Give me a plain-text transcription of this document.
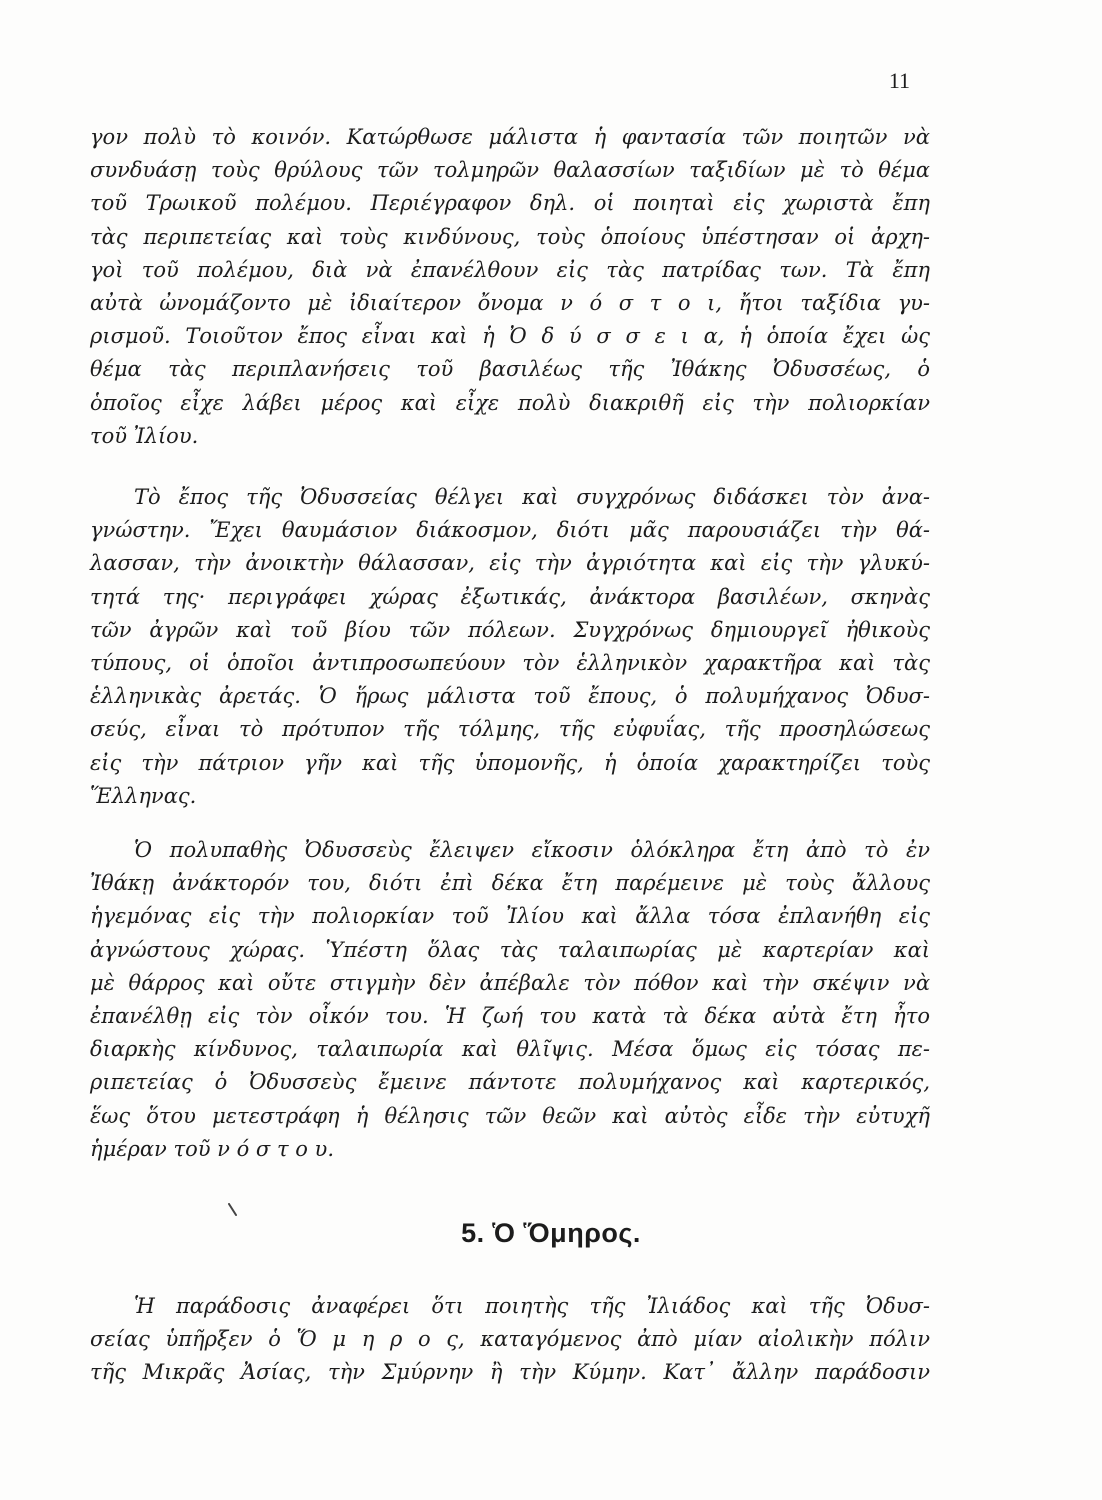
11
γον πολὺ τὸ κοινόν. Κατώρθωσε μάλιστα ἡ φαντασία τῶν ποιητῶν νὰ
συνδυάσῃ τοὺς θρύλους τῶν τολμηρῶν θαλασσίων ταξιδίων μὲ τὸ θέμα
τοῦ Τρωικοῦ πολέμου. Περιέγραφον δηλ. οἱ ποιηταὶ εἰς χωριστὰ ἔπη
τὰς περιπετείας καὶ τοὺς κινδύνους, τοὺς ὁποίους ὑπέστησαν οἱ ἀρχη-
γοὶ τοῦ πολέμου, διὰ νὰ ἐπανέλθουν εἰς τὰς πατρίδας των. Τὰ ἔπη
αὐτὰ ὠνομάζοντο μὲ ἰδιαίτερον ὄνομα ν ό σ τ ο ι, ἤτοι ταξίδια γυ-
ρισμοῦ. Τοιοῦτον ἔπος εἶναι καὶ ἡ Ὀ δ ύ σ σ ε ι α, ἡ ὁποία ἔχει ὡς
θέμα τὰς περιπλανήσεις τοῦ βασιλέως τῆς Ἰθάκης Ὀδυσσέως, ὁ
ὁποῖος εἶχε λάβει μέρος καὶ εἶχε πολὺ διακριθῆ εἰς τὴν πολιορκίαν
τοῦ Ἰλίου.
Τὸ ἔπος τῆς Ὀδυσσείας θέλγει καὶ συγχρόνως διδάσκει τὸν ἀνα-
γνώστην. Ἔχει θαυμάσιον διάκοσμον, διότι μᾶς παρουσιάζει τὴν θά-
λασσαν, τὴν ἀνοικτὴν θάλασσαν, εἰς τὴν ἀγριότητα καὶ εἰς τὴν γλυκύ-
τητά της· περιγράφει χώρας ἐξωτικάς, ἀνάκτορα βασιλέων, σκηνὰς
τῶν ἀγρῶν καὶ τοῦ βίου τῶν πόλεων. Συγχρόνως δημιουργεῖ ἠθικοὺς
τύπους, οἱ ὁποῖοι ἀντιπροσωπεύουν τὸν ἑλληνικὸν χαρακτῆρα καὶ τὰς
ἑλληνικὰς ἀρετάς. Ὁ ἥρως μάλιστα τοῦ ἔπους, ὁ πολυμήχανος Ὀδυσ-
σεύς, εἶναι τὸ πρότυπον τῆς τόλμης, τῆς εὐφυΐας, τῆς προσηλώσεως
εἰς τὴν πάτριον γῆν καὶ τῆς ὑπομονῆς, ἡ ὁποία χαρακτηρίζει τοὺς
Ἕλληνας.
Ὁ πολυπαθὴς Ὀδυσσεὺς ἔλειψεν εἴκοσιν ὁλόκληρα ἔτη ἀπὸ τὸ ἐν
Ἰθάκῃ ἀνάκτορόν του, διότι ἐπὶ δέκα ἔτη παρέμεινε μὲ τοὺς ἄλλους
ἡγεμόνας εἰς τὴν πολιορκίαν τοῦ Ἰλίου καὶ ἄλλα τόσα ἐπλανήθη εἰς
ἀγνώστους χώρας. Ὑπέστη ὅλας τὰς ταλαιπωρίας μὲ καρτερίαν καὶ
μὲ θάρρος καὶ οὔτε στιγμὴν δὲν ἀπέβαλε τὸν πόθον καὶ τὴν σκέψιν νὰ
ἐπανέλθῃ εἰς τὸν οἶκόν του. Ἡ ζωή του κατὰ τὰ δέκα αὐτὰ ἔτη ἦτο
διαρκὴς κίνδυνος, ταλαιπωρία καὶ θλῖψις. Μέσα ὅμως εἰς τόσας πε-
ριπετείας ὁ Ὀδυσσεὺς ἔμεινε πάντοτε πολυμήχανος καὶ καρτερικός,
ἕως ὅτου μετεστράφη ἡ θέλησις τῶν θεῶν καὶ αὐτὸς εἶδε τὴν εὐτυχῆ
ἡμέραν τοῦ ν ό σ τ ο υ.
5. Ὁ Ὅμηρος.
Ἡ παράδοσις ἀναφέρει ὅτι ποιητὴς τῆς Ἰλιάδος καὶ τῆς Ὀδυσ-
σείας ὑπῆρξεν ὁ Ὅ μ η ρ ο ς, καταγόμενος ἀπὸ μίαν αἰολικὴν πόλιν
τῆς Μικρᾶς Ἀσίας, τὴν Σμύρνην ἢ τὴν Κύμην. Κατ᾿ ἄλλην παράδοσιν
